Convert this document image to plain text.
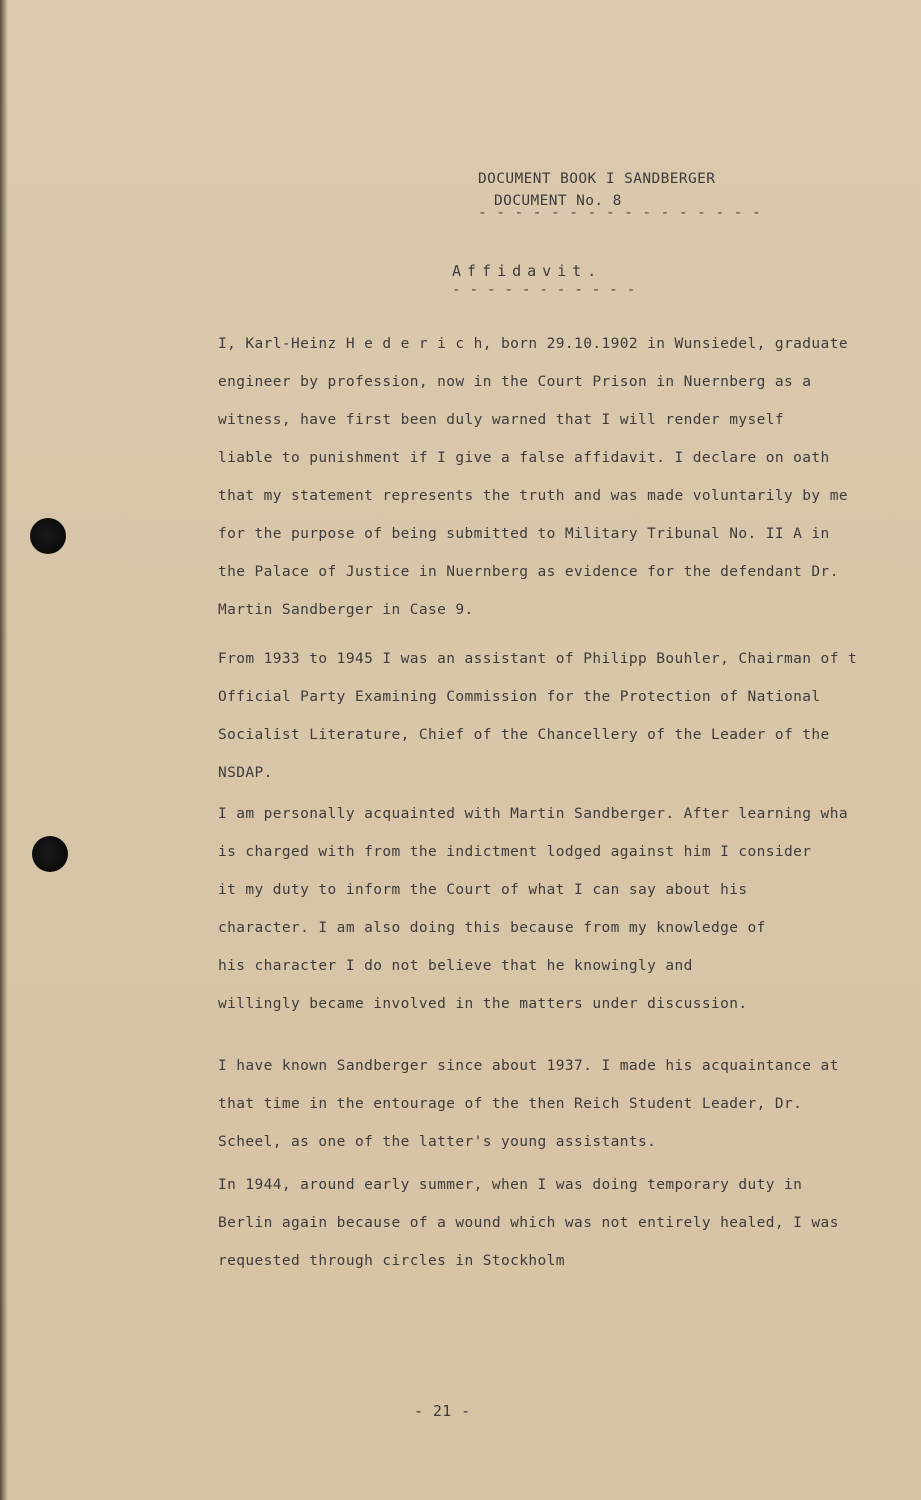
DOCUMENT BOOK I SANDBERGER
DOCUMENT No. 8
- - - - - - - - - - - - - - - -
Affidavit.
- - - - - - - - - - -
I, Karl-Heinz H e d e r i c h, born 29.10.1902 in Wunsiedel, graduate
engineer by profession, now in the Court Prison in Nuernberg as a
witness, have first been duly warned that I will render myself
liable to punishment if I give a false affidavit. I declare on oath
that my statement represents the truth and was made voluntarily by me
for the purpose of being submitted to Military Tribunal No. II A in
the Palace of Justice in Nuernberg as evidence for the defendant Dr.
Martin Sandberger in Case 9.
From 1933 to 1945 I was an assistant of Philipp Bouhler, Chairman of t
Official Party Examining Commission for the Protection of National
Socialist Literature, Chief of the Chancellery of the Leader of the
NSDAP.
I am personally acquainted with Martin Sandberger. After learning wha
is charged with from the indictment lodged against him I consider
it my duty to inform the Court of what I can say about his
character. I am also doing this because from my knowledge of
his character I do not believe that he knowingly and
willingly became involved in the matters under discussion.
I have known Sandberger since about 1937. I made his acquaintance at
that time in the entourage of the then Reich Student Leader, Dr.
Scheel, as one of the latter's young assistants.
In 1944, around early summer, when I was doing temporary duty in
Berlin again because of a wound which was not entirely healed, I was
requested through circles in Stockholm
- 21 -
